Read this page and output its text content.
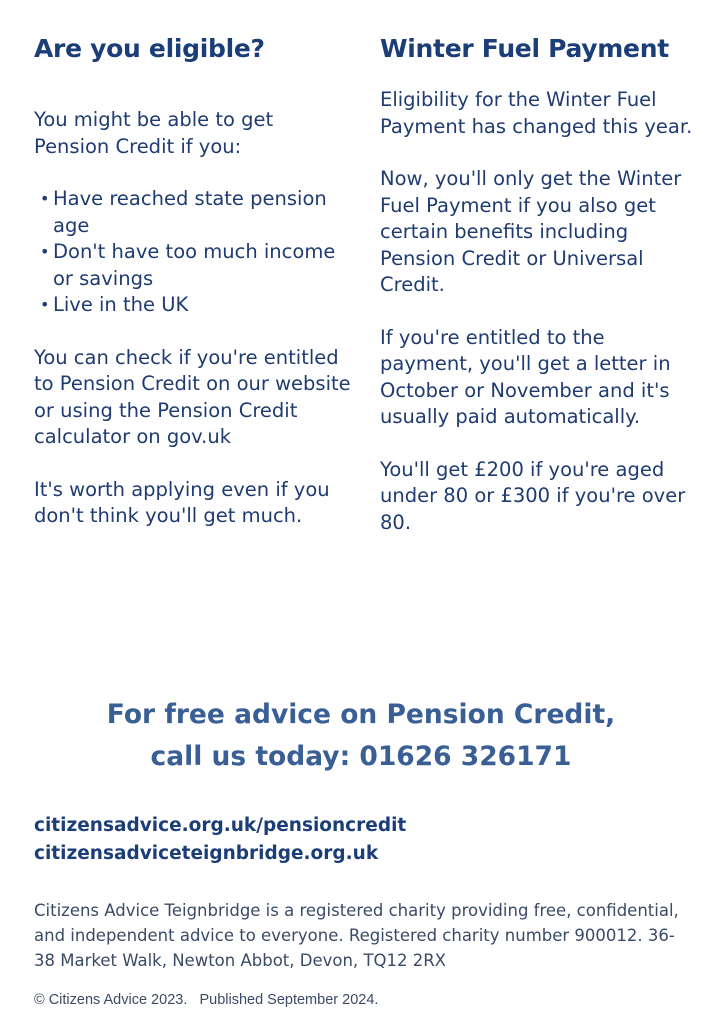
Are you eligible?

You might be able to get Pension Credit if you:

• Have reached state pension age
• Don't have too much income or savings
• Live in the UK

You can check if you're entitled to Pension Credit on our website or using the Pension Credit calculator on gov.uk

It's worth applying even if you don't think you'll get much.

Winter Fuel Payment

Eligibility for the Winter Fuel Payment has changed this year.

Now, you'll only get the Winter Fuel Payment if you also get certain benefits including Pension Credit or Universal Credit.

If you're entitled to the payment, you'll get a letter in October or November and it's usually paid automatically.

You'll get £200 if you're aged under 80 or £300 if you're over 80.

For free advice on Pension Credit,
call us today: 01626 326171
citizensadvice.org.uk/pensioncredit
citizensadviceteignbridge.org.uk

Citizens Advice Teignbridge is a registered charity providing free, confidential, and independent advice to everyone. Registered charity number 900012. 36-38 Market Walk, Newton Abbot, Devon, TQ12 2RX

© Citizens Advice 2023. Published September 2024.
